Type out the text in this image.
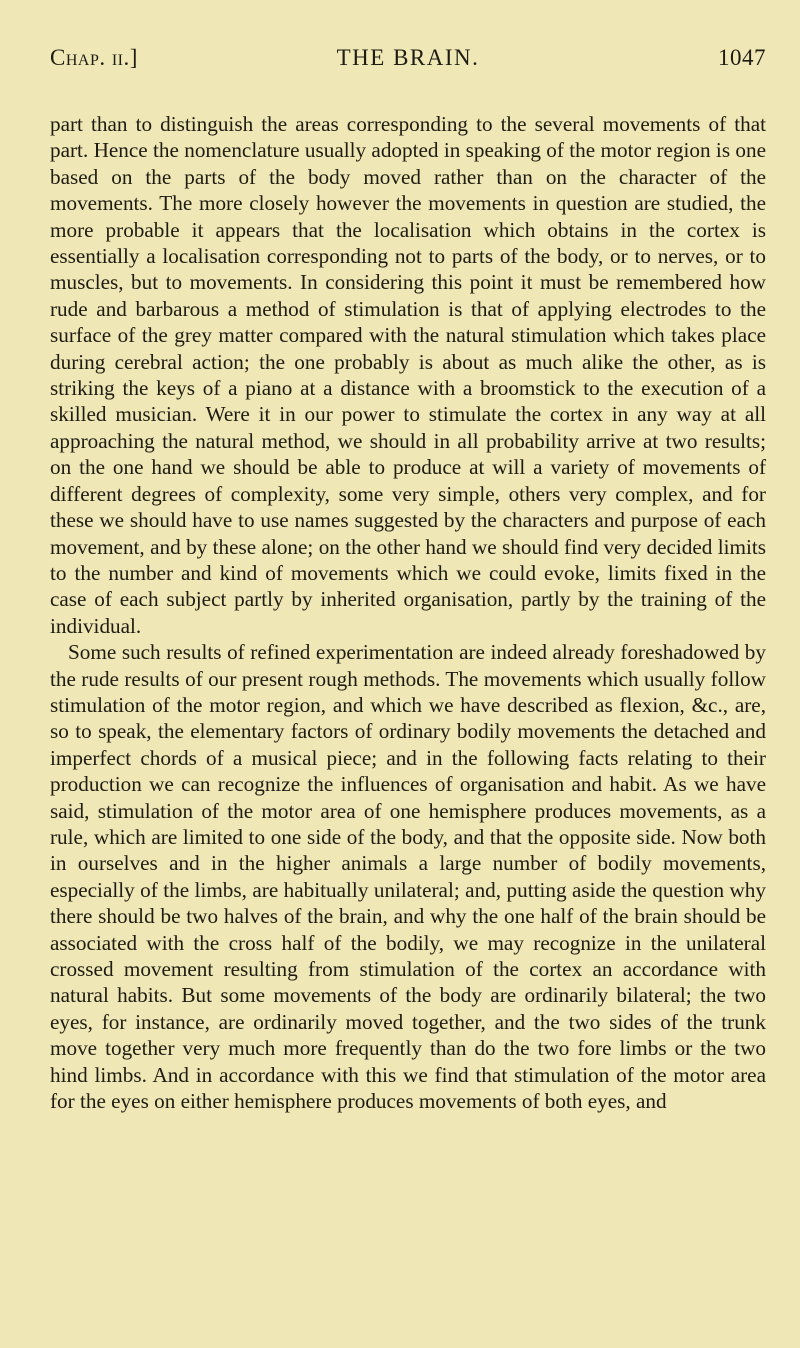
Chap. ii.]	THE BRAIN.	1047

part than to distinguish the areas corresponding to the several movements of that part. Hence the nomenclature usually adopted in speaking of the motor region is one based on the parts of the body moved rather than on the character of the movements. The more closely however the movements in question are studied, the more probable it appears that the localisation which obtains in the cortex is essentially a localisation corresponding not to parts of the body, or to nerves, or to muscles, but to movements. In considering this point it must be remembered how rude and barbarous a method of stimulation is that of applying electrodes to the surface of the grey matter compared with the natural stimulation which takes place during cerebral action; the one probably is about as much alike the other, as is striking the keys of a piano at a distance with a broomstick to the execution of a skilled musician. Were it in our power to stimulate the cortex in any way at all approaching the natural method, we should in all probability arrive at two results; on the one hand we should be able to produce at will a variety of movements of different degrees of complexity, some very simple, others very complex, and for these we should have to use names suggested by the characters and purpose of each movement, and by these alone; on the other hand we should find very decided limits to the number and kind of movements which we could evoke, limits fixed in the case of each subject partly by inherited organisation, partly by the training of the individual.

Some such results of refined experimentation are indeed already foreshadowed by the rude results of our present rough methods. The movements which usually follow stimulation of the motor region, and which we have described as flexion, &c., are, so to speak, the elementary factors of ordinary bodily movements the detached and imperfect chords of a musical piece; and in the following facts relating to their production we can recognize the influences of organisation and habit. As we have said, stimulation of the motor area of one hemisphere produces movements, as a rule, which are limited to one side of the body, and that the opposite side. Now both in ourselves and in the higher animals a large number of bodily movements, especially of the limbs, are habitually unilateral; and, putting aside the question why there should be two halves of the brain, and why the one half of the brain should be associated with the cross half of the bodily, we may recognize in the unilateral crossed movement resulting from stimulation of the cortex an accordance with natural habits. But some movements of the body are ordinarily bilateral; the two eyes, for instance, are ordinarily moved together, and the two sides of the trunk move together very much more frequently than do the two fore limbs or the two hind limbs. And in accordance with this we find that stimulation of the motor area for the eyes on either hemisphere produces movements of both eyes, and
